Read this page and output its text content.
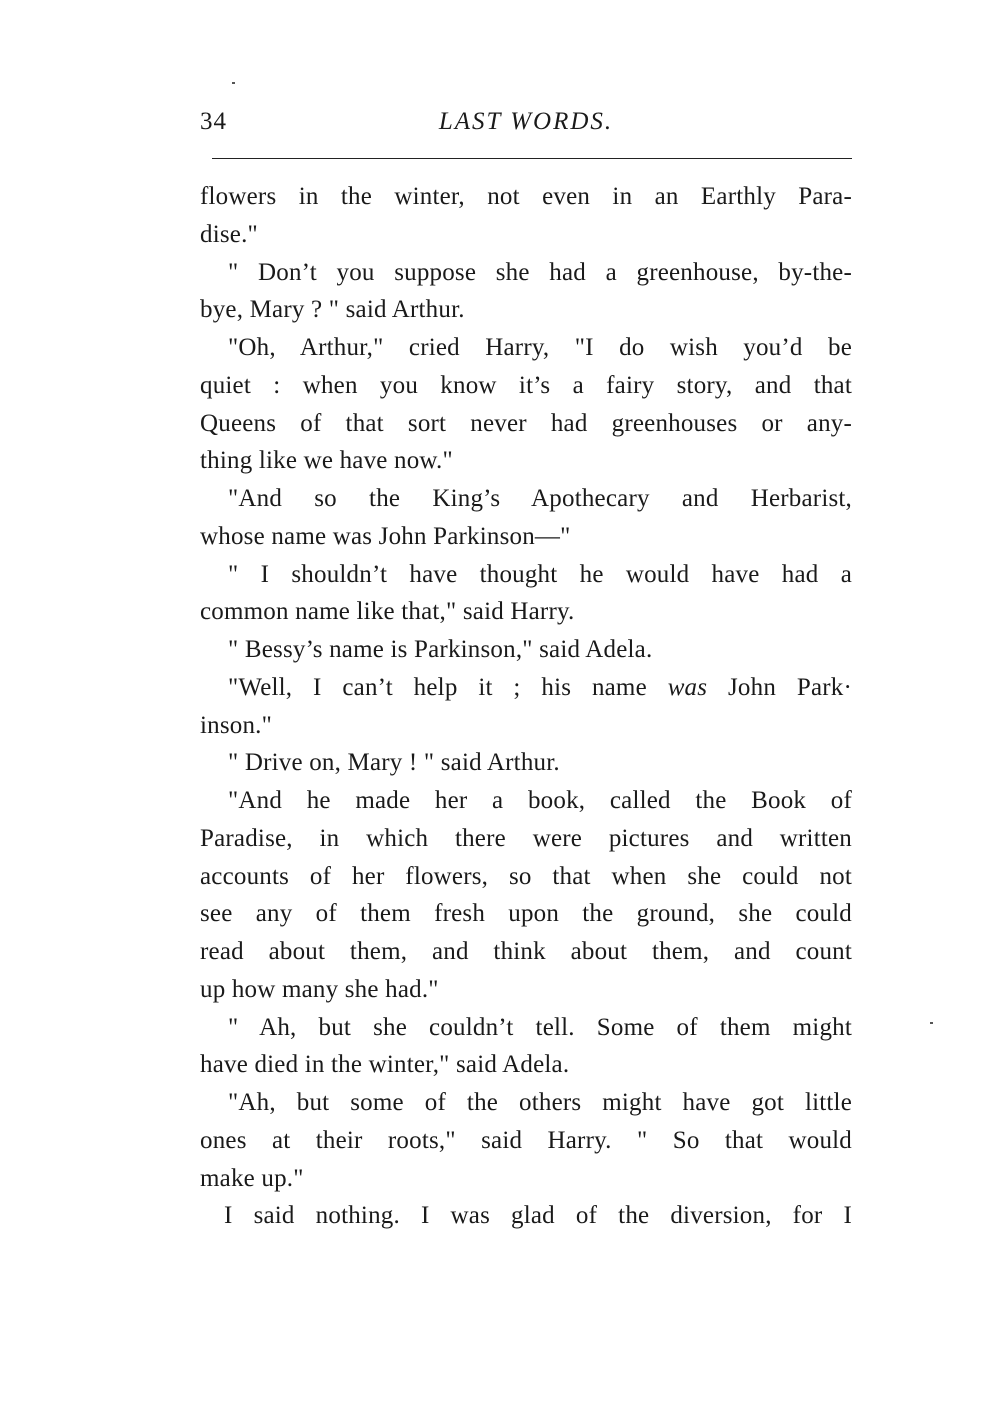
34	LAST WORDS.
flowers in the winter, not even in an Earthly Para-
dise."
" Don’t you suppose she had a greenhouse, by-the-
bye, Mary ? " said Arthur.
"Oh, Arthur," cried Harry, "I do wish you’d be
quiet : when you know it’s a fairy story, and that
Queens of that sort never had greenhouses or any-
thing like we have now."
"And so the King’s Apothecary and Herbarist,
whose name was John Parkinson—"
" I shouldn’t have thought he would have had a
common name like that," said Harry.
" Bessy’s name is Parkinson," said Adela.
"Well, I can’t help it ; his name was John Park·
inson."
" Drive on, Mary ! " said Arthur.
"And he made her a book, called the Book of
Paradise, in which there were pictures and written
accounts of her flowers, so that when she could not
see any of them fresh upon the ground, she could
read about them, and think about them, and count
up how many she had."
" Ah, but she couldn’t tell. Some of them might
have died in the winter," said Adela.
"Ah, but some of the others might have got little
ones at their roots," said Harry. " So that would
make up."
I said nothing. I was glad of the diversion, for I
